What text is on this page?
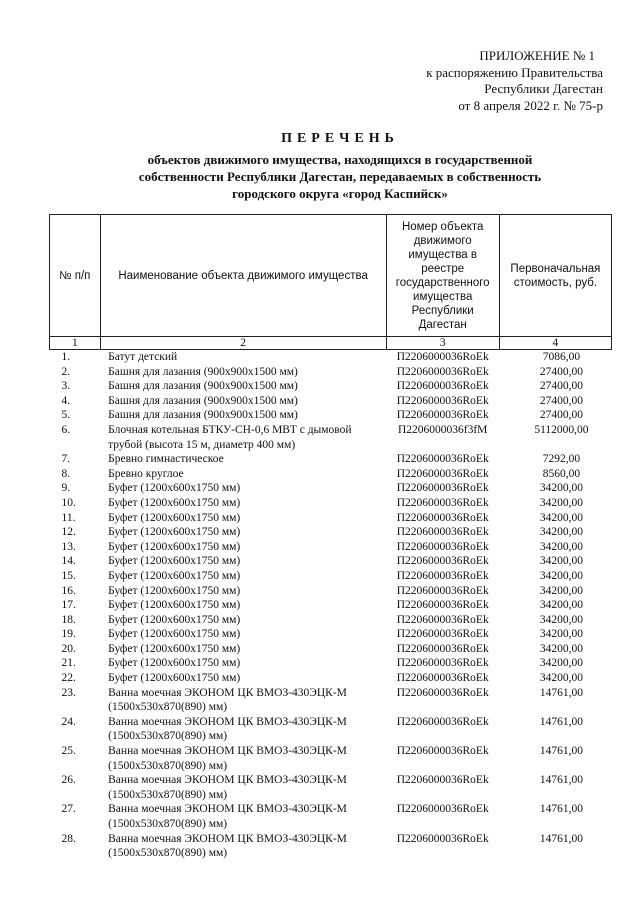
ПРИЛОЖЕНИЕ № 1
к распоряжению Правительства
Республики Дагестан
от 8 апреля 2022 г. № 75-р
ПЕРЕЧЕНЬ
объектов движимого имущества, находящихся в государственной
собственности Республики Дагестан, передаваемых в собственность
городского округа «город Каспийск»
№ п/п	Наименование объекта движимого имущества	Номер объекта движимого имущества в реестре государственного имущества Республики Дагестан	Первоначальная стоимость, руб.
1	2	3	4
1.	Батут детский	П2206000036RoEk	7086,00
2.	Башня для лазания (900х900х1500 мм)	П2206000036RoEk	27400,00
3.	Башня для лазания (900х900х1500 мм)	П2206000036RoEk	27400,00
4.	Башня для лазания (900х900х1500 мм)	П2206000036RoEk	27400,00
5.	Башня для лазания (900х900х1500 мм)	П2206000036RoEk	27400,00
6.	Блочная котельная БТКУ-СН-0,6 МВТ с дымовой трубой (высота 15 м, диаметр 400 мм)	П2206000036f3fM	5112000,00
7.	Бревно гимнастическое	П2206000036RoEk	7292,00
8.	Бревно круглое	П2206000036RoEk	8560,00
9.	Буфет (1200х600х1750 мм)	П2206000036RoEk	34200,00
10.	Буфет (1200х600х1750 мм)	П2206000036RoEk	34200,00
11.	Буфет (1200х600х1750 мм)	П2206000036RoEk	34200,00
12.	Буфет (1200х600х1750 мм)	П2206000036RoEk	34200,00
13.	Буфет (1200х600х1750 мм)	П2206000036RoEk	34200,00
14.	Буфет (1200х600х1750 мм)	П2206000036RoEk	34200,00
15.	Буфет (1200х600х1750 мм)	П2206000036RoEk	34200,00
16.	Буфет (1200х600х1750 мм)	П2206000036RoEk	34200,00
17.	Буфет (1200х600х1750 мм)	П2206000036RoEk	34200,00
18.	Буфет (1200х600х1750 мм)	П2206000036RoEk	34200,00
19.	Буфет (1200х600х1750 мм)	П2206000036RoEk	34200,00
20.	Буфет (1200х600х1750 мм)	П2206000036RoEk	34200,00
21.	Буфет (1200х600х1750 мм)	П2206000036RoEk	34200,00
22.	Буфет (1200х600х1750 мм)	П2206000036RoEk	34200,00
23.	Ванна моечная ЭКОНОМ ЦК ВМОЗ-430ЭЦК-М (1500х530х870(890) мм)	П2206000036RoEk	14761,00
24.	Ванна моечная ЭКОНОМ ЦК ВМОЗ-430ЭЦК-М (1500х530х870(890) мм)	П2206000036RoEk	14761,00
25.	Ванна моечная ЭКОНОМ ЦК ВМОЗ-430ЭЦК-М (1500х530х870(890) мм)	П2206000036RoEk	14761,00
26.	Ванна моечная ЭКОНОМ ЦК ВМОЗ-430ЭЦК-М (1500х530х870(890) мм)	П2206000036RoEk	14761,00
27.	Ванна моечная ЭКОНОМ ЦК ВМОЗ-430ЭЦК-М (1500х530х870(890) мм)	П2206000036RoEk	14761,00
28.	Ванна моечная ЭКОНОМ ЦК ВМОЗ-430ЭЦК-М (1500х530х870(890) мм)	П2206000036RoEk	14761,00
